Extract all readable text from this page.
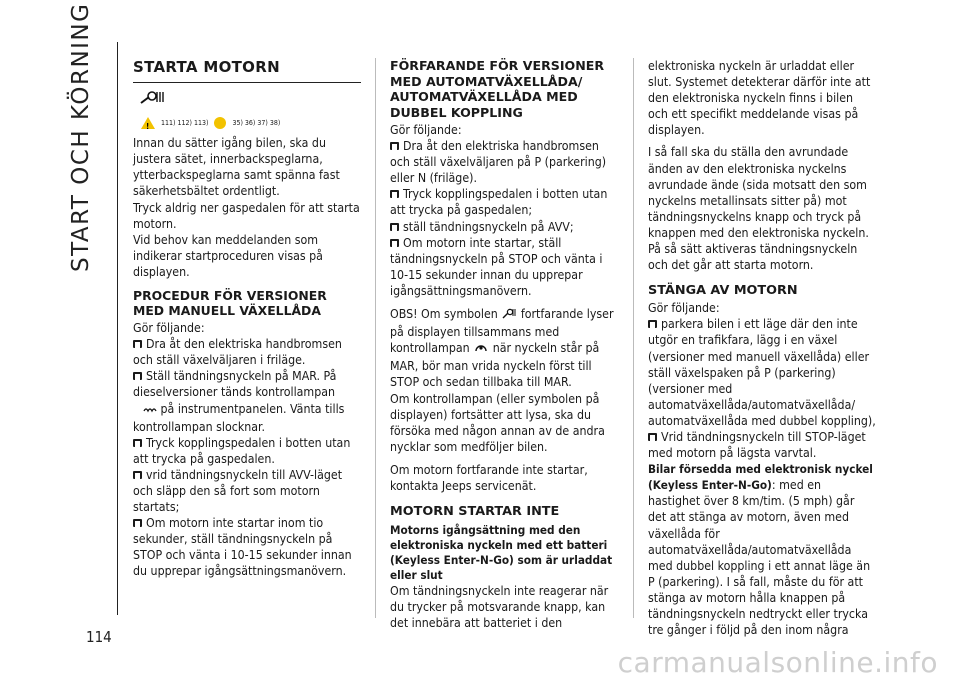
START OCH KÖRNING
114
STARTA MOTORN
!
111) 112) 113)	35) 36) 37) 38)

Innan du sätter igång bilen, ska du justera sätet, innerbackspeglarna, ytterbackspeglarna samt spänna fast säkerhetsbältet ordentligt.

Tryck aldrig ner gaspedalen för att starta motorn.

Vid behov kan meddelanden som indikerar startproceduren visas på displayen.

PROCEDUR FÖR VERSIONER MED MANUELL VÄXELLÅDA

Gör följande:

Dra åt den elektriska handbromsen och ställ växelväljaren i friläge.

Ställ tändningsnyckeln på MAR. På dieselversioner tänds kontrollampan
på instrumentpanelen. Vänta tills kontrollampan slocknar.

Tryck kopplingspedalen i botten utan att trycka på gaspedalen.

vrid tändningsnyckeln till AVV-läget och släpp den så fort som motorn startats;

Om motorn inte startar inom tio sekunder, ställ tändningsnyckeln på STOP och vänta i 10-15 sekunder innan du upprepar igångsättningsmanövern.

FÖRFARANDE FÖR VERSIONER MED AUTOMATVÄXELLÅDA/ AUTOMATVÄXELLÅDA MED DUBBEL KOPPLING

Gör följande:

Dra åt den elektriska handbromsen och ställ växelväljaren på P (parkering) eller N (friläge).

Tryck kopplingspedalen i botten utan att trycka på gaspedalen;

ställ tändningsnyckeln på AVV;

Om motorn inte startar, ställ tändningsnyckeln på STOP och vänta i 10-15 sekunder innan du upprepar igångsättningsmanövern.

OBS! Om symbolen fortfarande lyser på displayen tillsammans med kontrollampan när nyckeln står på MAR, bör man vrida nyckeln först till STOP och sedan tillbaka till MAR.

Om kontrollampan (eller symbolen på displayen) fortsätter att lysa, ska du försöka med någon annan av de andra nycklar som medföljer bilen.

Om motorn fortfarande inte startar, kontakta Jeeps servicenät.

MOTORN STARTAR INTE

Motorns igångsättning med den elektroniska nyckeln med ett batteri (Keyless Enter-N-Go) som är urladdat eller slut

Om tändningsnyckeln inte reagerar när du trycker på motsvarande knapp, kan det innebära att batteriet i den

elektroniska nyckeln är urladdat eller slut. Systemet detekterar därför inte att den elektroniska nyckeln finns i bilen och ett specifikt meddelande visas på displayen.

I så fall ska du ställa den avrundade änden av den elektroniska nyckelns avrundade ände (sida motsatt den som nyckelns metallinsats sitter på) mot tändningsnyckelns knapp och tryck på knappen med den elektroniska nyckeln. På så sätt aktiveras tändningsnyckeln och det går att starta motorn.

STÄNGA AV MOTORN

Gör följande:

parkera bilen i ett läge där den inte utgör en trafikfara, lägg i en växel (versioner med manuell växellåda) eller ställ växelspaken på P (parkering) (versioner med automatväxellåda/automatväxellåda/ automatväxellåda med dubbel koppling),

Vrid tändningsnyckeln till STOP-läget med motorn på lägsta varvtal.

Bilar försedda med elektronisk nyckel (Keyless Enter-N-Go): med en hastighet över 8 km/tim. (5 mph) går det att stänga av motorn, även med växellåda för automatväxellåda/automatväxellåda med dubbel koppling i ett annat läge än P (parkering). I så fall, måste du för att stänga av motorn hålla knappen på tändningsnyckeln nedtryckt eller trycka tre gånger i följd på den inom några

carmanualsonline.info
